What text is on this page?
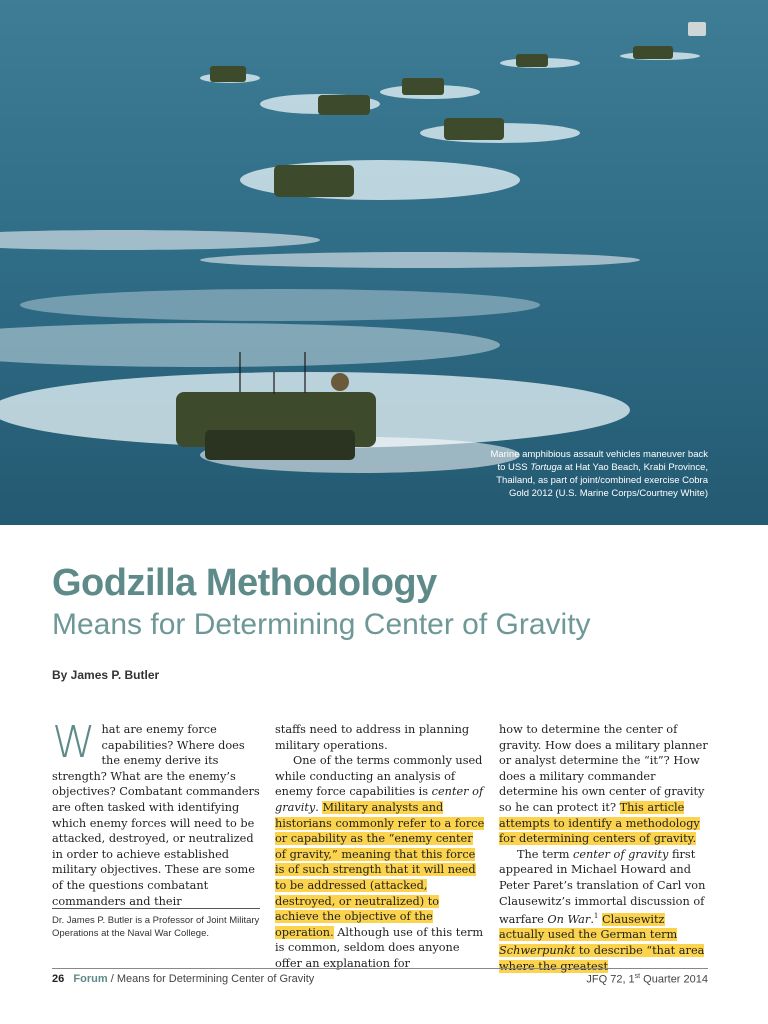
Marine amphibious assault vehicles maneuver back to USS Tortuga at Hat Yao Beach, Krabi Province, Thailand, as part of joint/combined exercise Cobra Gold 2012 (U.S. Marine Corps/Courtney White)
Godzilla Methodology
Means for Determining Center of Gravity
By James P. Butler

What are enemy force capabilities? Where does the enemy derive its strength? What are the enemy’s objectives? Combatant commanders are often tasked with identifying which enemy forces will need to be attacked, destroyed, or neutralized in order to achieve established military objectives. These are some of the questions combatant commanders and their

Dr. James P. Butler is a Professor of Joint Military Operations at the Naval War College.

staffs need to address in planning military operations.

One of the terms commonly used while conducting an analysis of enemy force capabilities is center of gravity. Military analysts and historians commonly refer to a force or capability as the “enemy center of gravity,” meaning that this force is of such strength that it will need to be addressed (attacked, destroyed, or neutralized) to achieve the objective of the operation. Although use of this term is common, seldom does anyone offer an explanation for

how to determine the center of gravity. How does a military planner or analyst determine the “it”? How does a military commander determine his own center of gravity so he can protect it? This article attempts to identify a methodology for determining centers of gravity.

The term center of gravity first appeared in Michael Howard and Peter Paret’s translation of Carl von Clausewitz’s immortal discussion of warfare On War.$^1$ Clausewitz actually used the German term Schwerpunkt to describe “that area where the greatest

26 Forum / Means for Determining Center of Gravity	JFQ 72, 1st Quarter 2014
